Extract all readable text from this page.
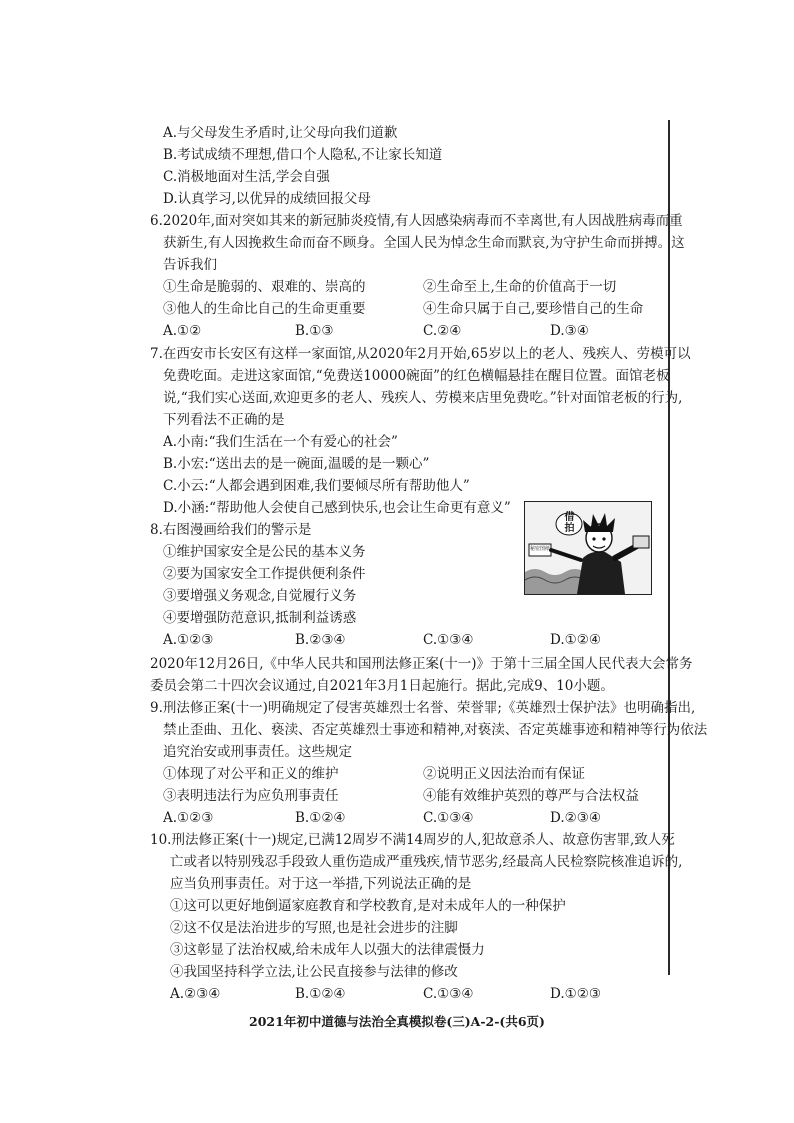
A.与父母发生矛盾时,让父母向我们道歉
B.考试成绩不理想,借口个人隐私,不让家长知道
C.消极地面对生活,学会自强
D.认真学习,以优异的成绩回报父母
6.2020年,面对突如其来的新冠肺炎疫情,有人因感染病毒而不幸离世,有人因战胜病毒而重
获新生,有人因挽救生命而奋不顾身。全国人民为悼念生命而默哀,为守护生命而拼搏。这
告诉我们
①生命是脆弱的、艰难的、崇高的	②生命至上,生命的价值高于一切
③他人的生命比自己的生命更重要	④生命只属于自己,要珍惜自己的生命
A.①②	B.①③	C.②④	D.③④
7.在西安市长安区有这样一家面馆,从2020年2月开始,65岁以上的老人、残疾人、劳模可以
免费吃面。走进这家面馆,“免费送10000碗面”的红色横幅悬挂在醒目位置。面馆老板
说,“我们实心送面,欢迎更多的老人、残疾人、劳模来店里免费吃。”针对面馆老板的行为,
下列看法不正确的是
A.小南:“我们生活在一个有爱心的社会”
B.小宏:“送出去的是一碗面,温暖的是一颗心”
C.小云:“人都会遇到困难,我们要倾尽所有帮助他人”
D.小涵:“帮助他人会使自己感到快乐,也会让生命更有意义”
8.右图漫画给我们的警示是
①维护国家安全是公民的基本义务
②要为国家安全工作提供便利条件
③要增强义务观念,自觉履行义务
④要增强防范意识,抵制利益诱惑
A.①②③	B.②③④	C.①③④	D.①②④
借
拍
秘密图纸
2020年12月26日,《中华人民共和国刑法修正案(十一)》于第十三届全国人民代表大会常务
委员会第二十四次会议通过,自2021年3月1日起施行。据此,完成9、10小题。
9.刑法修正案(十一)明确规定了侵害英雄烈士名誉、荣誉罪;《英雄烈士保护法》也明确指出,
禁止歪曲、丑化、亵渎、否定英雄烈士事迹和精神,对亵渎、否定英雄事迹和精神等行为依法
追究治安或刑事责任。这些规定
①体现了对公平和正义的维护	②说明正义因法治而有保证
③表明违法行为应负刑事责任	④能有效维护英烈的尊严与合法权益
A.①②③	B.①②④	C.①③④	D.②③④
10.刑法修正案(十一)规定,已满12周岁不满14周岁的人,犯故意杀人、故意伤害罪,致人死
亡或者以特别残忍手段致人重伤造成严重残疾,情节恶劣,经最高人民检察院核准追诉的,
应当负刑事责任。对于这一举措,下列说法正确的是
①这可以更好地倒逼家庭教育和学校教育,是对未成年人的一种保护
②这不仅是法治进步的写照,也是社会进步的注脚
③这彰显了法治权威,给未成年人以强大的法律震慑力
④我国坚持科学立法,让公民直接参与法律的修改
A.②③④	B.①②④	C.①③④	D.①②③
2021年初中道德与法治全真模拟卷(三)A-2-(共6页)
